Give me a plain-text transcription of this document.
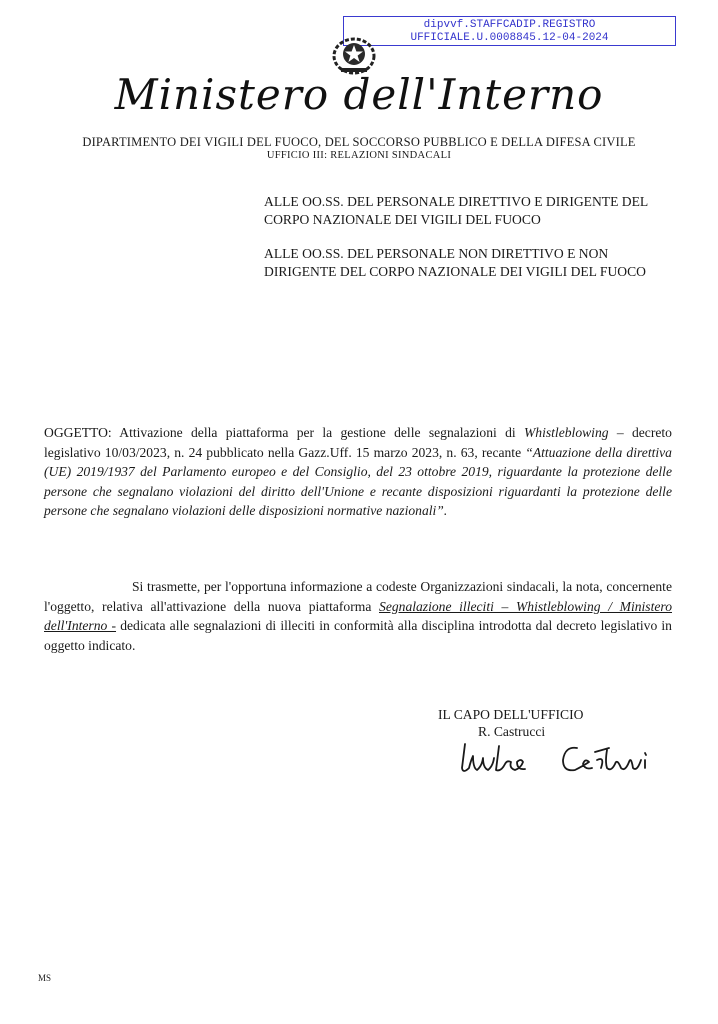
dipvvf.STAFFCADIP.REGISTRO
UFFICIALE.U.0008845.12-04-2024
Ministero dell'Interno
DIPARTIMENTO DEI VIGILI DEL FUOCO, DEL SOCCORSO PUBBLICO E DELLA DIFESA CIVILE
UFFICIO III: RELAZIONI SINDACALI
ALLE OO.SS. DEL PERSONALE DIRETTIVO E DIRIGENTE DEL CORPO NAZIONALE DEI VIGILI DEL FUOCO
ALLE OO.SS. DEL PERSONALE NON DIRETTIVO E NON DIRIGENTE DEL CORPO NAZIONALE DEI VIGILI DEL FUOCO
OGGETTO: Attivazione della piattaforma per la gestione delle segnalazioni di Whistleblowing – decreto legislativo 10/03/2023, n. 24 pubblicato nella Gazz.Uff. 15 marzo 2023, n. 63, recante “Attuazione della direttiva (UE) 2019/1937 del Parlamento europeo e del Consiglio, del 23 ottobre 2019, riguardante la protezione delle persone che segnalano violazioni del diritto dell'Unione e recante disposizioni riguardanti la protezione delle persone che segnalano violazioni delle disposizioni normative nazionali”.
Si trasmette, per l'opportuna informazione a codeste Organizzazioni sindacali, la nota, concernente l'oggetto, relativa all'attivazione della nuova piattaforma Segnalazione illeciti – Whistleblowing / Ministero dell'Interno - dedicata alle segnalazioni di illeciti in conformità alla disciplina introdotta dal decreto legislativo in oggetto indicato.
IL CAPO DELL'UFFICIO
R. Castrucci
MS
